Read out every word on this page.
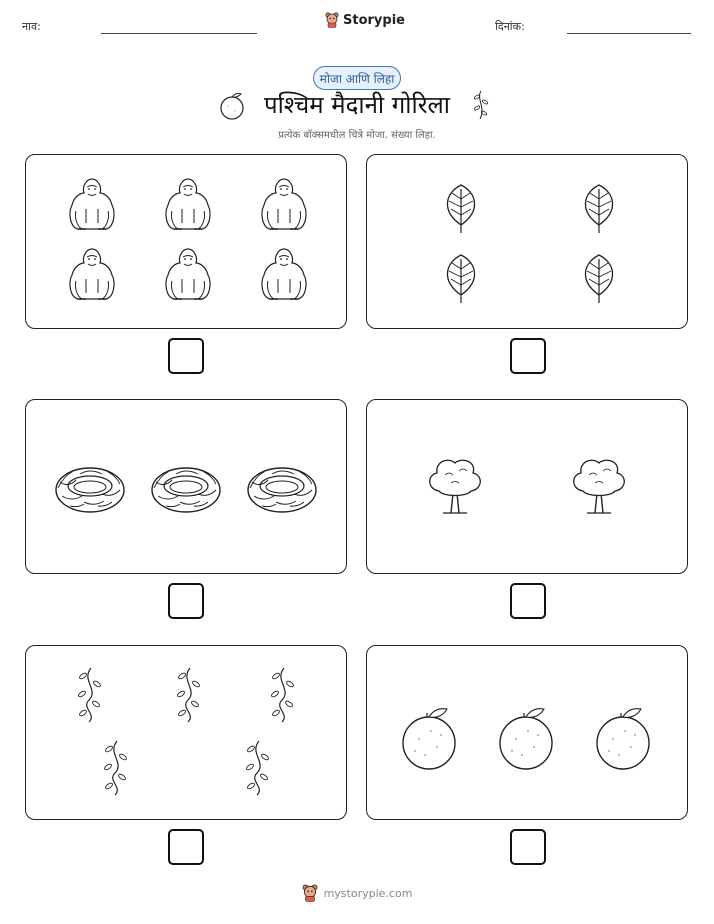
नाव:	Storypie	दिनांक:
मोजा आणि लिहा
पश्चिम मैदानी गोरिला
प्रत्येक बॉक्समधील चित्रे मोजा. संख्या लिहा.
mystorypie.com
